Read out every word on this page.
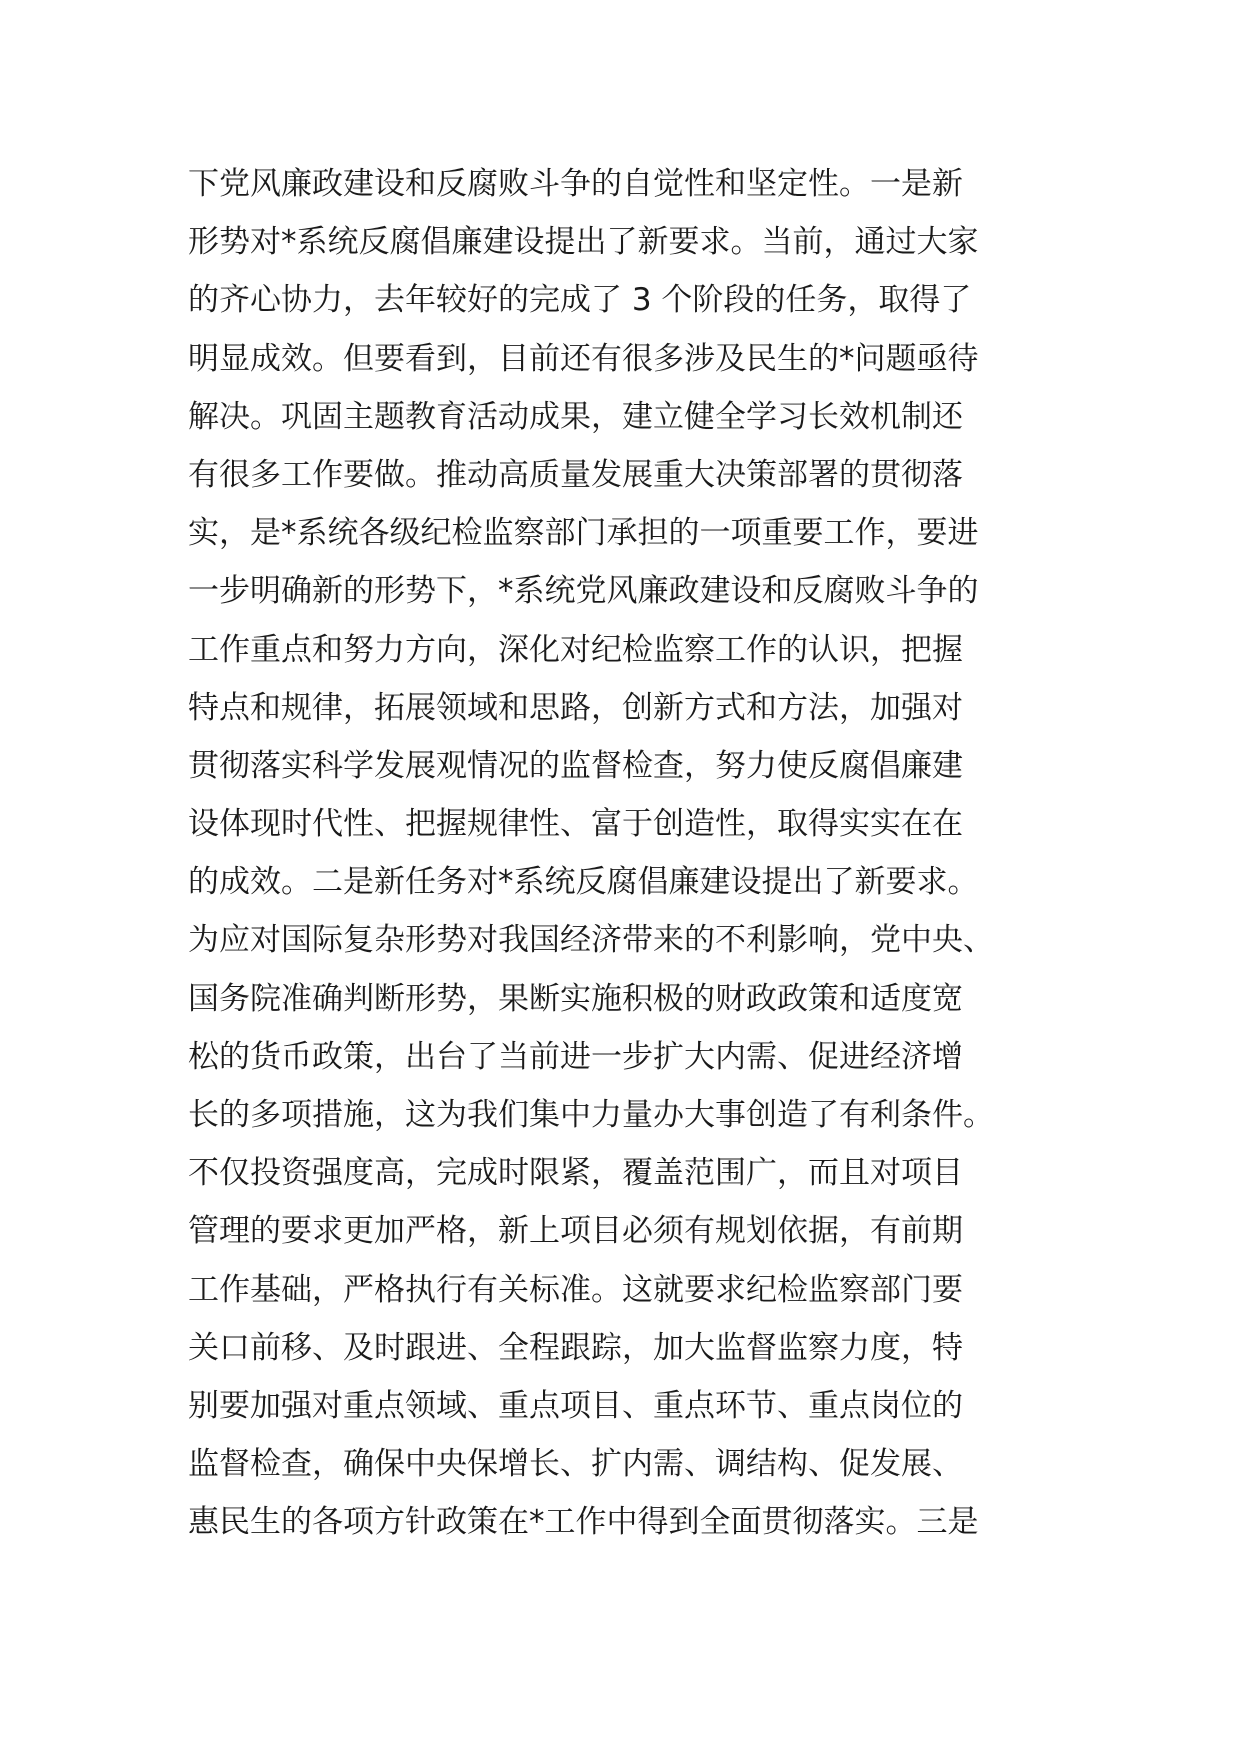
下党风廉政建设和反腐败斗争的自觉性和坚定性。一是新
形势对*系统反腐倡廉建设提出了新要求。当前，通过大家
的齐心协力，去年较好的完成了 3 个阶段的任务，取得了
明显成效。但要看到，目前还有很多涉及民生的*问题亟待
解决。巩固主题教育活动成果，建立健全学习长效机制还
有很多工作要做。推动高质量发展重大决策部署的贯彻落
实，是*系统各级纪检监察部门承担的一项重要工作，要进
一步明确新的形势下，*系统党风廉政建设和反腐败斗争的
工作重点和努力方向，深化对纪检监察工作的认识，把握
特点和规律，拓展领域和思路，创新方式和方法，加强对
贯彻落实科学发展观情况的监督检查，努力使反腐倡廉建
设体现时代性、把握规律性、富于创造性，取得实实在在
的成效。二是新任务对*系统反腐倡廉建设提出了新要求。
为应对国际复杂形势对我国经济带来的不利影响，党中央、
国务院准确判断形势，果断实施积极的财政政策和适度宽
松的货币政策，出台了当前进一步扩大内需、促进经济增
长的多项措施，这为我们集中力量办大事创造了有利条件。
不仅投资强度高，完成时限紧，覆盖范围广，而且对项目
管理的要求更加严格，新上项目必须有规划依据，有前期
工作基础，严格执行有关标准。这就要求纪检监察部门要
关口前移、及时跟进、全程跟踪，加大监督监察力度，特
别要加强对重点领域、重点项目、重点环节、重点岗位的
监督检查，确保中央保增长、扩内需、调结构、促发展、
惠民生的各项方针政策在*工作中得到全面贯彻落实。三是
